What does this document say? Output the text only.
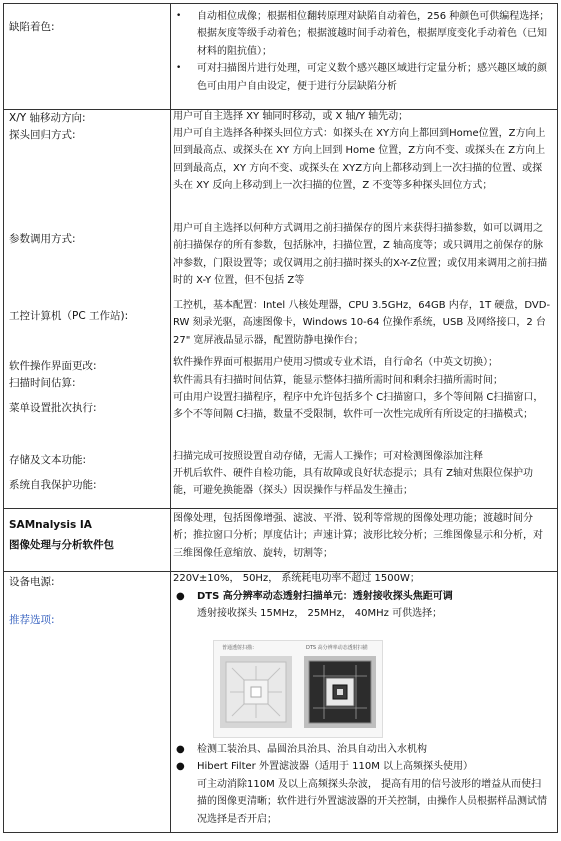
缺陷着色:
X/Y 轴移动方向:
探头回归方式:
参数调用方式:
工控计算机（PC 工作站):
软件操作界面更改:
扫描时间估算:
菜单设置批次执行:
存储及文本功能:
系统自我保护功能:
SAMnalysis IA
图像处理与分析软件包
设备电源:
推荐选项:

• 自动相位成像；根据相位翻转原理对缺陷自动着色，256 种颜色可供编程选择；根据灰度等级手动着色；根据渡越时间手动着色，根据厚度变化手动着色（已知材料的阻抗值）；

• 可对扫描图片进行处理，可定义数个感兴趣区域进行定量分析；感兴趣区域的颜色可由用户自由设定，便于进行分层缺陷分析

用户可自主选择 XY 轴同时移动，或 X 轴/Y 轴先动；
用户可自主选择各种探头回位方式：如探头在 XY方向上都回到Home位置，Z方向上回到最高点、或探头在 XY 方向上回到 Home 位置，Z方向不变、或探头在 Z方向上回到最高点，XY 方向不变、或探头在 XYZ方向上都移动到上一次扫描的位置、或探头在 XY 反向上移动到上一次扫描的位置，Z 不变等多种探头回位方式；
用户可自主选择以何种方式调用之前扫描保存的图片来获得扫描参数，如可以调用之前扫描保存的所有参数，包括脉冲，扫描位置，Z 轴高度等；或只调用之前保存的脉冲参数，门限设置等；或仅调用之前扫描时探头的X-Y-Z位置；或仅用来调用之前扫描时的 X-Y 位置，但不包括 Z等
工控机，基本配置：Intel 八核处理器，CPU 3.5GHz，64GB 内存，1T 硬盘，DVD-RW 刻录光驱，高速图像卡，Windows 10-64 位操作系统，USB 及网络接口，2 台 27" 宽屏液晶显示器，配置防静电操作台；
软件操作界面可根据用户使用习惯或专业术语，自行命名（中英文切换）；
软件需具有扫描时间估算，能显示整体扫描所需时间和剩余扫描所需时间；
可由用户设置扫描程序，程序中允许包括多个 C扫描窗口，多个等间隔 C扫描窗口，多个不等间隔 C扫描，数量不受限制，软件可一次性完成所有所设定的扫描模式；
扫描完成可按照设置自动存储，无需人工操作；可对检测图像添加注释
开机后软件、硬件自检功能，具有故障或良好状态提示；具有 Z轴对焦限位保护功能，可避免换能器（探头）因误操作与样品发生撞击；
图像处理，包括图像增强、滤波、平滑、锐利等常规的图像处理功能；渡越时间分析；推拉窗口分析；厚度估计；声速计算；波形比较分析；三维图像显示和分析，对三维图像任意缩放、旋转，切割等；
220V±10%， 50Hz， 系统耗电功率不超过 1500W；

● DTS 高分辨率动态透射扫描单元：透射接收探头焦距可调

透射接收探头 15MHz， 25MHz， 40MHz 可供选择；

普通透射扫描：	DTS 高分辨率动态透射扫描

● 检测工装治具、晶圆治具治具、治具自动出入水机构

● Hibert Filter 外置滤波器（适用于 110M 以上高频探头使用）

可主动消除110M 及以上高频探头杂波， 提高有用的信号波形的增益从而使扫描的图像更清晰；软件进行外置滤波器的开关控制，由操作人员根据样品测试情况选择是否开启；
